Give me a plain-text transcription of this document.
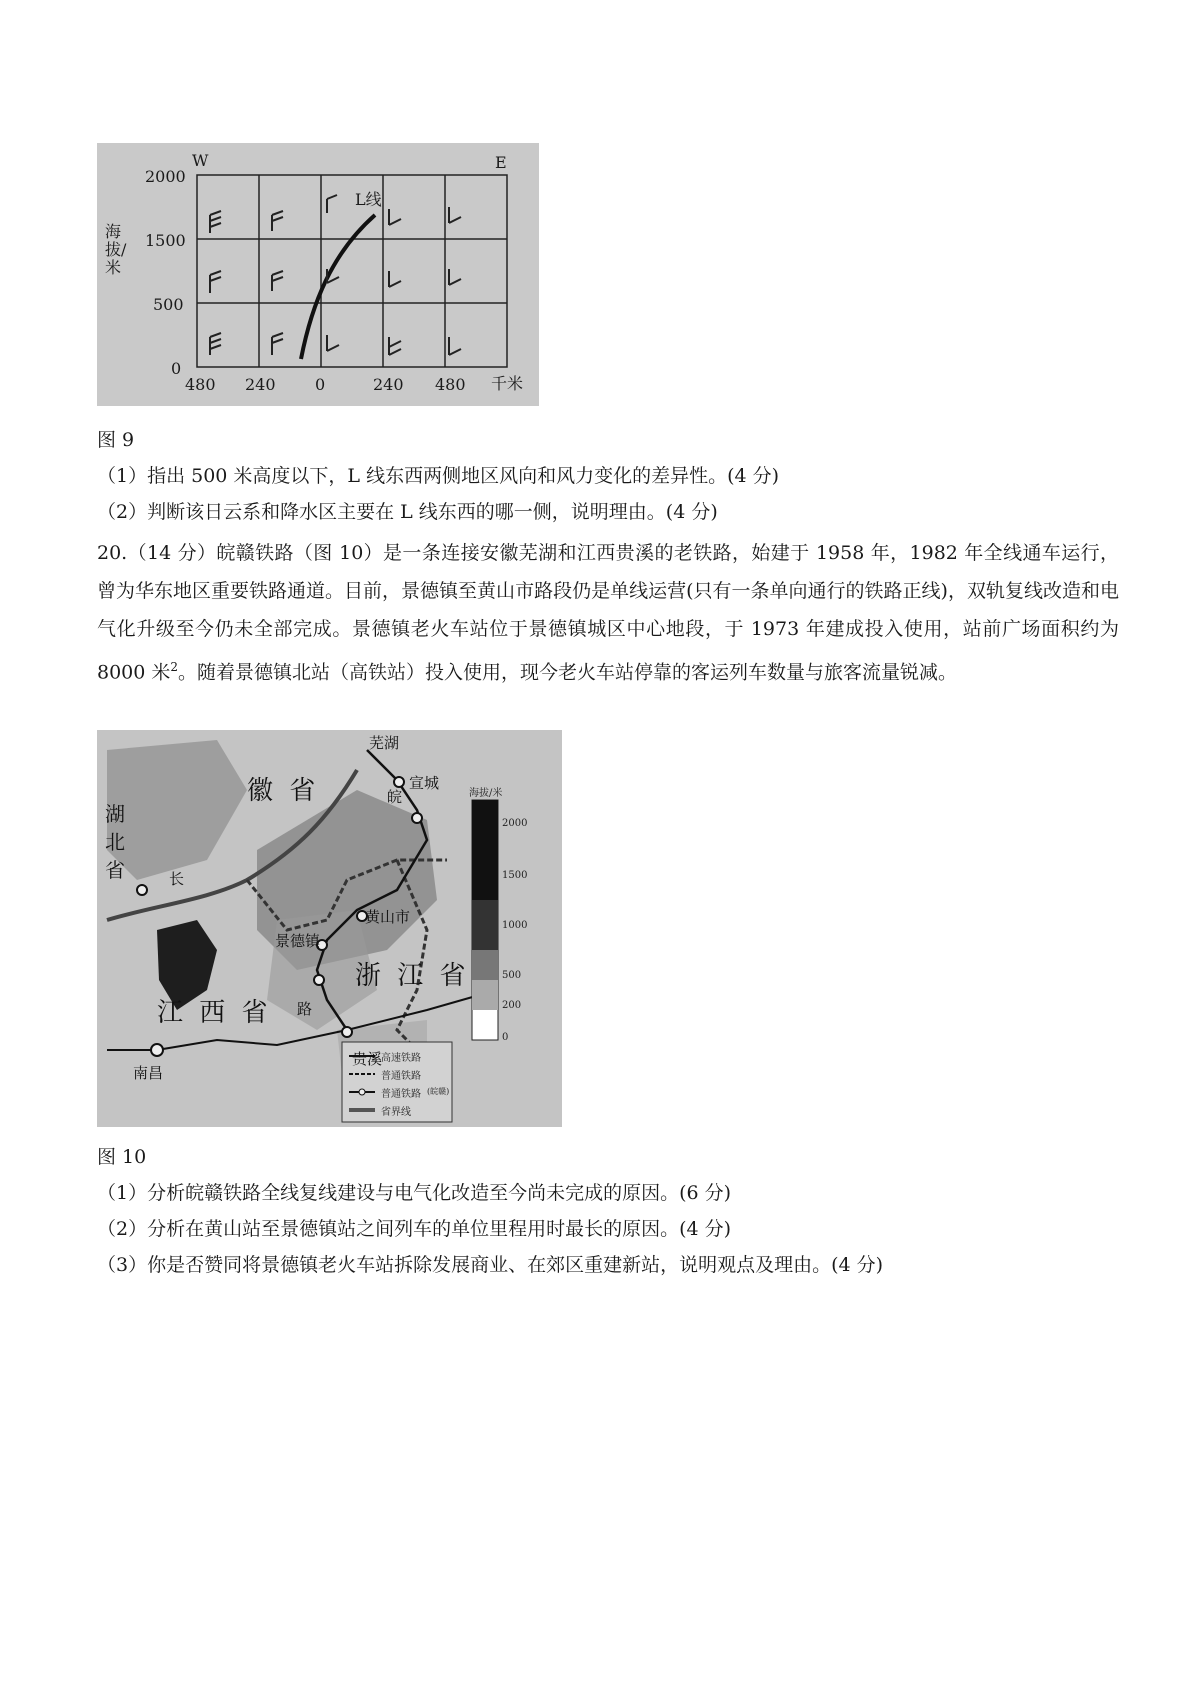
W	E
海拔/米
2000
1500
500
0
480 240 0	240 480 千米
L线
图 9
（1）指出 500 米高度以下，L 线东西两侧地区风向和风力变化的差异性。(4 分)
（2）判断该日云系和降水区主要在 L 线东西的哪一侧，说明理由。(4 分)
20.（14 分）皖赣铁路（图 10）是一条连接安徽芜湖和江西贵溪的老铁路，始建于 1958 年，1982 年全线通车运行，曾为华东地区重要铁路通道。目前，景德镇至黄山市路段仍是单线运营(只有一条单向通行的铁路正线)，双轨复线改造和电气化升级至今仍未全部完成。景德镇老火车站位于景德镇城区中心地段，于 1973 年建成投入使用，站前广场面积约为 8000 米$^2$。随着景德镇北站（高铁站）投入使用，现今老火车站停靠的客运列车数量与旅客流量锐减。
徽 省
湖 北 省
浙 江 省
江 西 省
芜湖
宣城
黄山市
景德镇
贵溪
南昌
长
皖
路
海拔/米
2000
1500
1000
500
200
0
高速铁路
普通铁路
普通铁路 (皖赣)
省界线
图 10
（1）分析皖赣铁路全线复线建设与电气化改造至今尚未完成的原因。(6 分)
（2）分析在黄山站至景德镇站之间列车的单位里程用时最长的原因。(4 分)
（3）你是否赞同将景德镇老火车站拆除发展商业、在郊区重建新站，说明观点及理由。(4 分)
